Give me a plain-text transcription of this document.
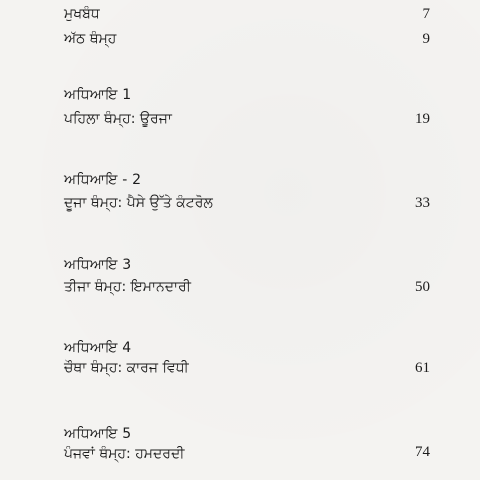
ਮੁਖਬੰਧ	7
ਅੱਠ ਥੰਮ੍ਹ	9
ਅਧਿਆਇ 1
ਪਹਿਲਾ ਥੰਮ੍ਹ: ਊਰਜਾ	19
ਅਧਿਆਇ - 2
ਦੂਜਾ ਥੰਮ੍ਹ: ਪੈਸੇ ਉੱਤੇ ਕੰਟਰੋਲ	33
ਅਧਿਆਇ 3
ਤੀਜਾ ਥੰਮ੍ਹ: ਇਮਾਨਦਾਰੀ	50
ਅਧਿਆਇ 4
ਚੌਥਾ ਥੰਮ੍ਹ: ਕਾਰਜ ਵਿਧੀ	61
ਅਧਿਆਇ 5
ਪੰਜਵਾਂ ਥੰਮ੍ਹ: ਹਮਦਰਦੀ	74
